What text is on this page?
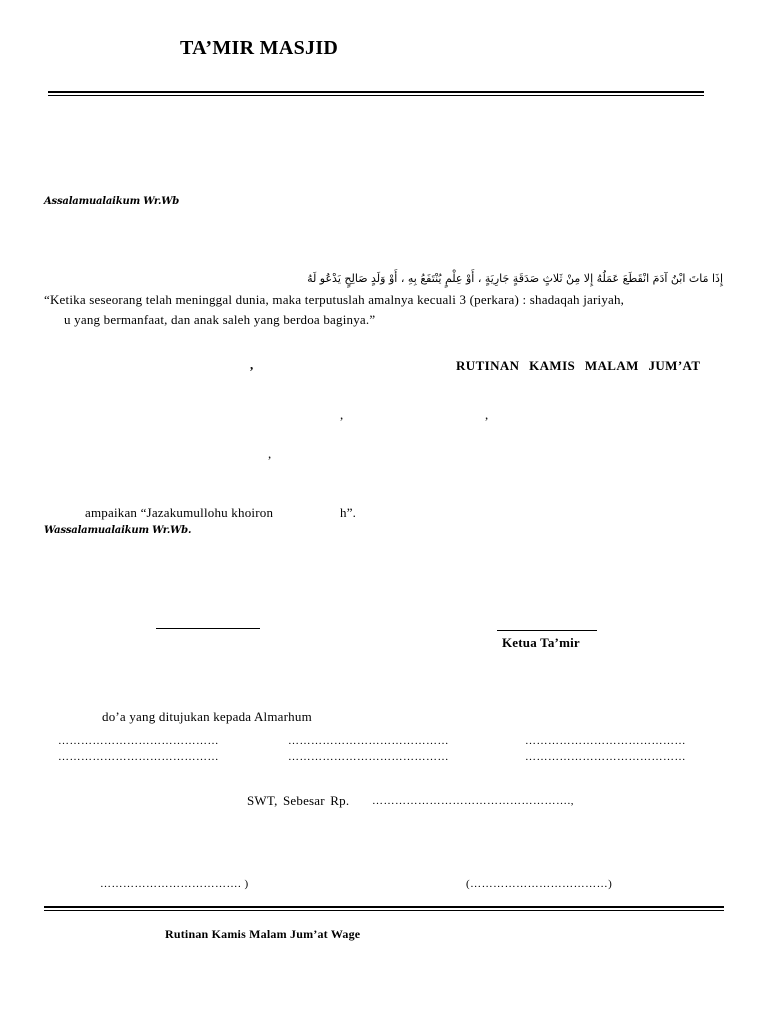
TA’MIR MASJID
Assalamualaikum Wr.Wb
إِذَا مَاتَ ابْنُ آدَمَ انْقَطَعَ عَمَلُهُ إِلا مِنْ ثَلاثٍ صَدَقَةٍ جَارِيَةٍ ، أَوْ عِلْمٍ يُنْتَفَعُ بِهِ ، أَوْ وَلَدٍ صَالِحٍ يَدْعُو لَهُ
“Ketika seseorang telah meninggal dunia, maka terputuslah amalnya kecuali 3 (perkara) : shadaqah jariyah,
u yang bermanfaat, dan anak saleh yang berdoa baginya.”
,	RUTINAN KAMIS MALAM JUM’AT
,	,
,
ampaikan “Jazakumullohu khoiron	h”.
Wassalamualaikum Wr.Wb.
Ketua Ta’mir
do’a yang ditujukan kepada Almarhum
……………………………………	……………………………………	……………………………………
……………………………………	……………………………………	……………………………………
SWT, Sebesar Rp. …………………………………………….,
………………………………. )	(………………………………)
Rutinan Kamis Malam Jum’at Wage
